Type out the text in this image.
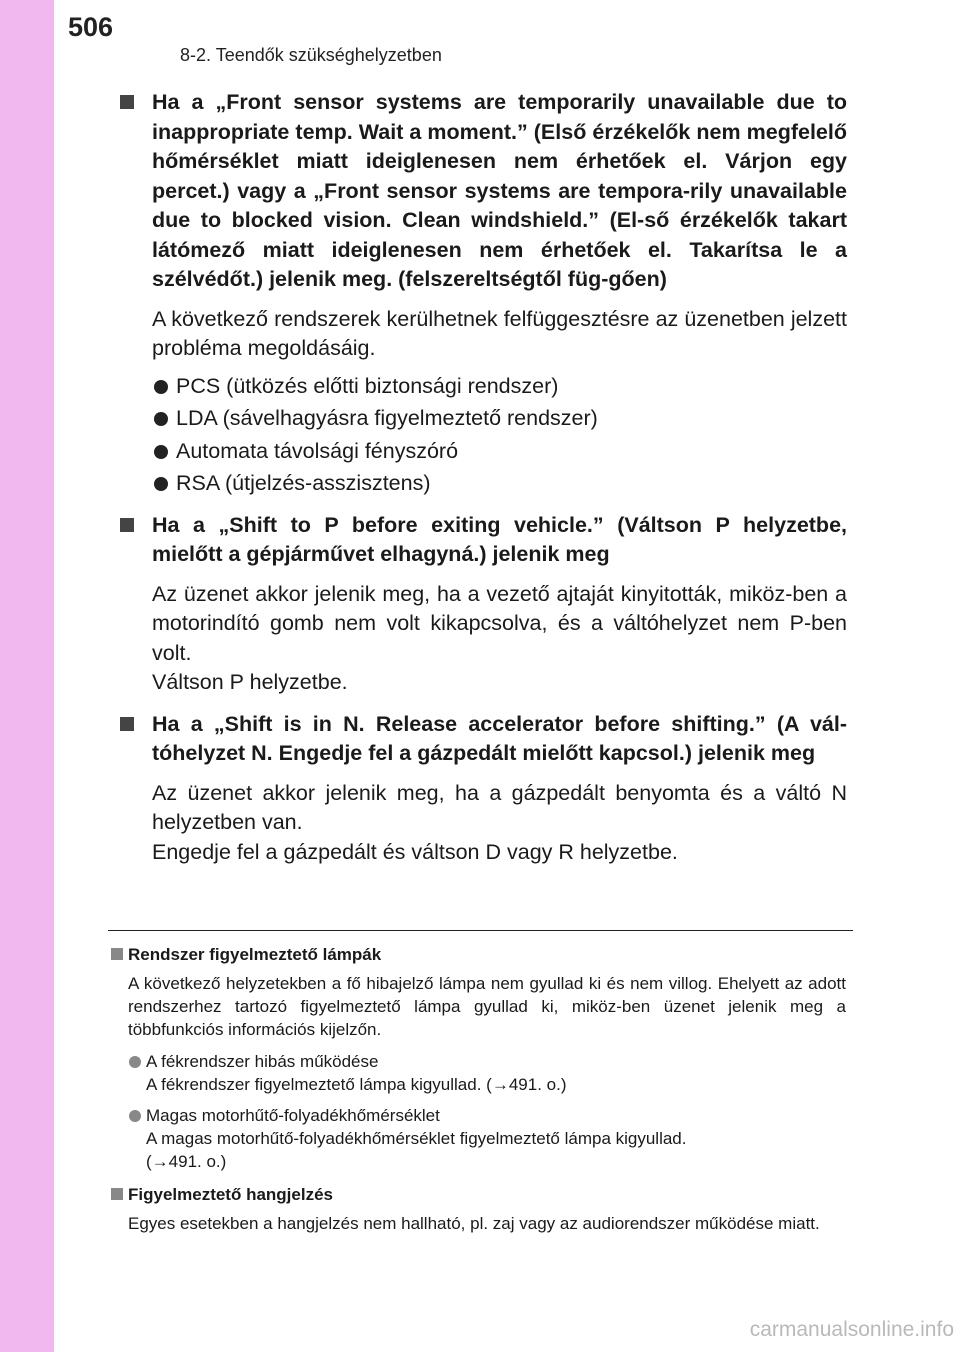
506

8-2. Teendők szükséghelyzetben

Ha a „Front sensor systems are temporarily unavailable due to inappropriate temp. Wait a moment.” (Első érzékelők nem megfelelő hőmérséklet miatt ideiglenesen nem érhetőek el. Várjon egy percet.) vagy a „Front sensor systems are tempora-rily unavailable due to blocked vision. Clean windshield.” (El-ső érzékelők takart látómező miatt ideiglenesen nem érhetőek el. Takarítsa le a szélvédőt.) jelenik meg. (felszereltségtől füg-gően)

A következő rendszerek kerülhetnek felfüggesztésre az üzenetben jelzett probléma megoldásáig.

PCS (ütközés előtti biztonsági rendszer)
LDA (sávelhagyásra figyelmeztető rendszer)
Automata távolsági fényszóró
RSA (útjelzés-asszisztens)
Ha a „Shift to P before exiting vehicle.” (Váltson P helyzetbe, mielőtt a gépjárművet elhagyná.) jelenik meg

Az üzenet akkor jelenik meg, ha a vezető ajtaját kinyitották, miköz-ben a motorindító gomb nem volt kikapcsolva, és a váltóhelyzet nem P-ben volt.

Váltson P helyzetbe.

Ha a „Shift is in N. Release accelerator before shifting.” (A vál-tóhelyzet N. Engedje fel a gázpedált mielőtt kapcsol.) jelenik meg

Az üzenet akkor jelenik meg, ha a gázpedált benyomta és a váltó N helyzetben van.

Engedje fel a gázpedált és váltson D vagy R helyzetbe.

Rendszer figyelmeztető lámpák

A következő helyzetekben a fő hibajelző lámpa nem gyullad ki és nem villog. Ehelyett az adott rendszerhez tartozó figyelmeztető lámpa gyullad ki, miköz-ben üzenet jelenik meg a többfunkciós információs kijelzőn.

A fékrendszer hibás működése
A fékrendszer figyelmeztető lámpa kigyullad. (→491. o.)
Magas motorhűtő-folyadékhőmérséklet
A magas motorhűtő-folyadékhőmérséklet figyelmeztető lámpa kigyullad.
(→491. o.)
Figyelmeztető hangjelzés

Egyes esetekben a hangjelzés nem hallható, pl. zaj vagy az audiorendszer működése miatt.

carmanualsonline.info
